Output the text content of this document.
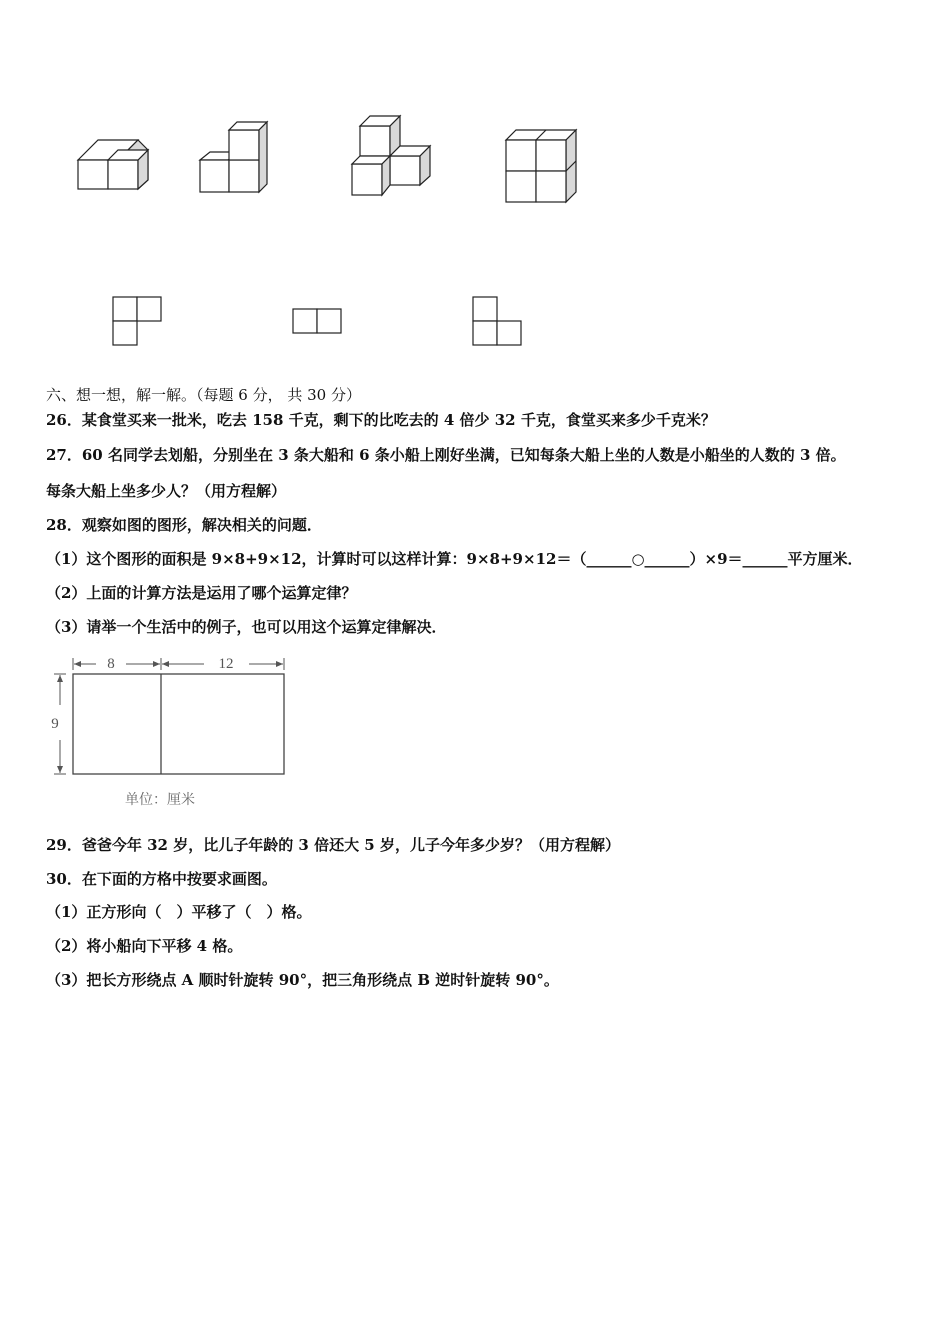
六、想一想，解一解。（每题 6 分， 共 30 分）
26．某食堂买来一批米，吃去 158 千克，剩下的比吃去的 4 倍少 32 千克，食堂买来多少千克米？
27．60 名同学去划船，分别坐在 3 条大船和 6 条小船上刚好坐满，已知每条大船上坐的人数是小船坐的人数的 3 倍。
每条大船上坐多少人？（用方程解）
28．观察如图的图形，解决相关的问题．
（1）这个图形的面积是 9×8+9×12，计算时可以这样计算：9×8+9×12＝（______○______）×9＝______平方厘米．
（2）上面的计算方法是运用了哪个运算定律？
（3）请举一个生活中的例子，也可以用这个运算定律解决．
8	12
9
单位：厘米
29．爸爸今年 32 岁，比儿子年龄的 3 倍还大 5 岁，儿子今年多少岁？（用方程解）
30．在下面的方格中按要求画图。
（1）正方形向（　）平移了（　）格。
（2）将小船向下平移 4 格。
（3）把长方形绕点 A 顺时针旋转 90°，把三角形绕点 B 逆时针旋转 90°。
